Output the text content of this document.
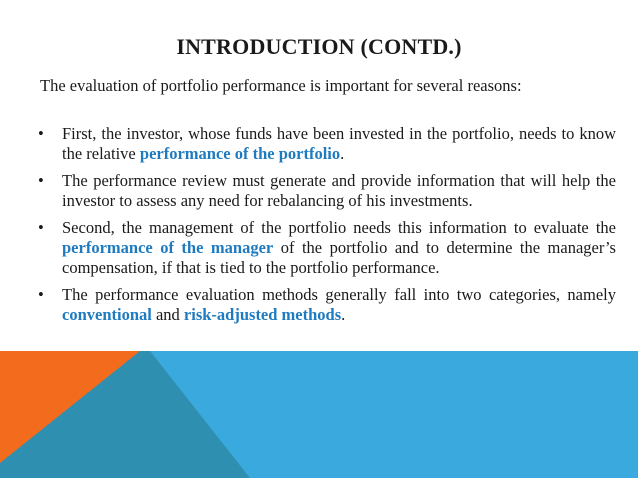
INTRODUCTION (CONTD.)
The evaluation of portfolio performance is important for several reasons:
• First, the investor, whose funds have been invested in the portfolio, needs to know the relative performance of the portfolio.
• The performance review must generate and provide information that will help the investor to assess any need for rebalancing of his investments.
• Second, the management of the portfolio needs this information to evaluate the performance of the manager of the portfolio and to determine the manager’s compensation, if that is tied to the portfolio performance.
• The performance evaluation methods generally fall into two categories, namely conventional and risk-adjusted methods.
